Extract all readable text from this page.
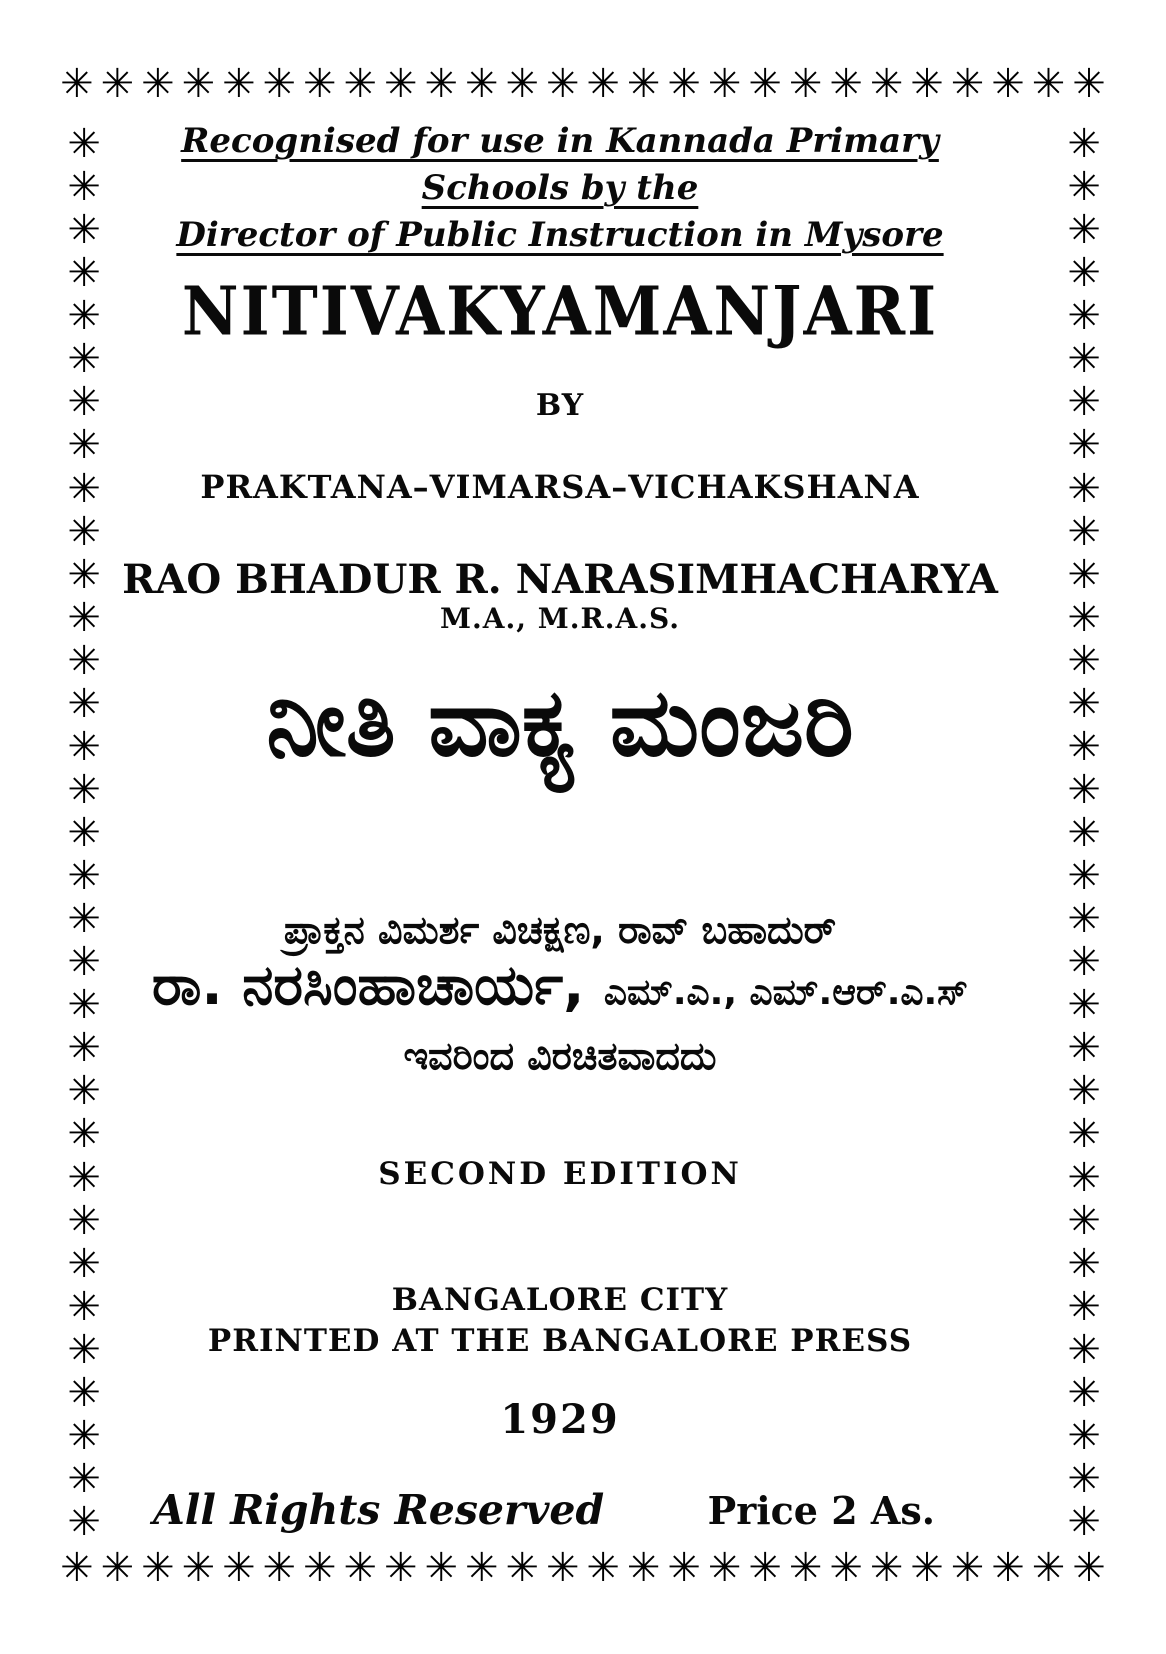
✳ ✳ ✳ ✳ ✳ ✳ ✳ ✳ ✳ ✳ ✳ ✳ ✳ ✳ ✳ ✳ ✳ ✳ ✳ ✳ ✳ ✳ ✳ ✳ ✳ ✳
✳ ✳ ✳ ✳ ✳ ✳ ✳ ✳ ✳ ✳ ✳ ✳ ✳ ✳ ✳ ✳ ✳ ✳ ✳ ✳ ✳ ✳ ✳ ✳ ✳ ✳
✳
✳
✳
✳
✳
✳
✳
✳
✳
✳
✳
✳
✳
✳
✳
✳
✳
✳
✳
✳
✳
✳
✳
✳
✳
✳
✳
✳
✳
✳
✳
✳
✳
✳
✳
✳
✳
✳
✳
✳
✳
✳
✳
✳
✳
✳
✳
✳
✳
✳
✳
✳
✳
✳
✳
✳
✳
✳
✳
✳
✳
✳
✳
✳
✳
✳
Recognised for use in Kannada Primary Schools by the
Director of Public Instruction in Mysore
NITIVAKYAMANJARI
BY
PRAKTANA–VIMARSA–VICHAKSHANA
RAO BHADUR R. NARASIMHACHARYA
M.A., M.R.A.S.
ನೀತಿ ವಾಕ್ಯ ಮಂಜರಿ
ಪ್ರಾಕ್ತನ ವಿಮರ್ಶ ವಿಚಕ್ಷಣ, ರಾವ್ ಬಹಾದುರ್
ರಾ. ನರಸಿಂಹಾಚಾರ್ಯ, ಎಮ್.ಎ., ಎಮ್.ಆರ್.ಎ.ಸ್
ಇವರಿಂದ ವಿರಚಿತವಾದದು
SECOND EDITION
BANGALORE CITY
PRINTED AT THE BANGALORE PRESS
1929
All Rights Reserved	Price 2 As.
